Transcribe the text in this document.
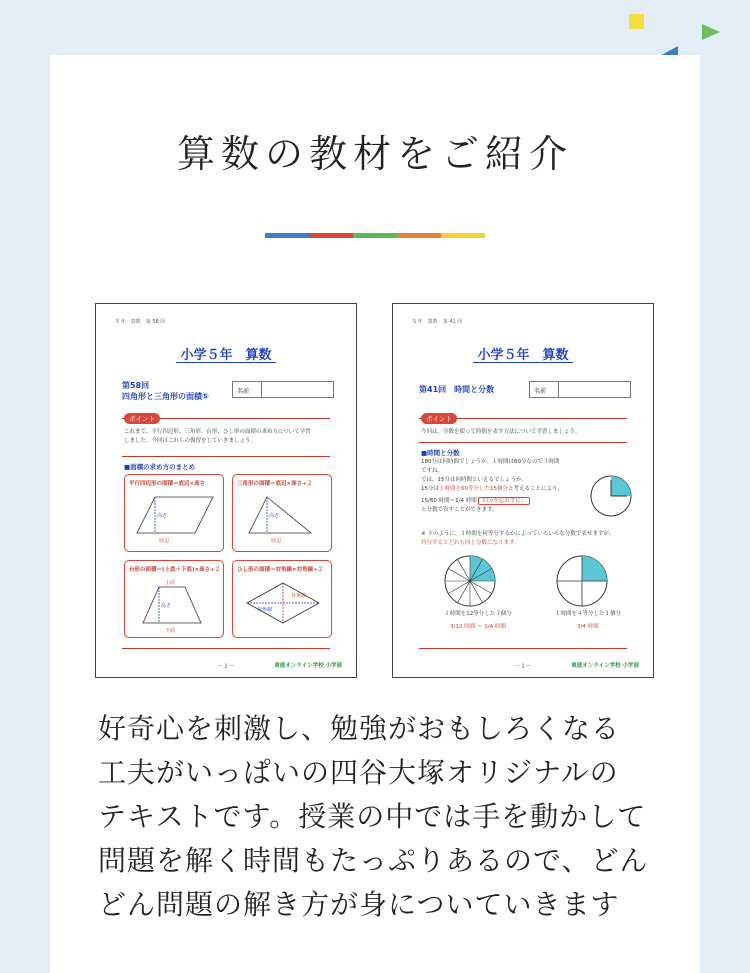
算数の教材をご紹介
5 年　算数　第 58 回
小学５年　算数
第58回
四角形と三角形の面積⑤
名前
ポイント
これまで、平行四辺形、三角形、台形、ひし形の面積の求め方について学習
しました。今回はこれらの復習をしていきましょう。
■面積の求め方のまとめ
平行四辺形の面積＝底辺×高さ
高さ
底辺
三角形の面積＝底辺×高さ÷２
高さ
底辺
台形の面積＝(上底＋下底)×高さ÷２
上底
高さ
下底
ひし形の面積＝対角線×対角線÷２
対角線
対角線
－１－	東進オンライン学校 小学部
5 年　算数　第 41 回
小学５年　算数
第41回　時間と分数	名前
ポイント
今回は、分数を使って時間を表す方法について学習しましょう。
■時間と分数
180分は何時間でしょうか。１時間は60分なので３時間ですね。
では、15分は何時間といえるでしょうか。
15分は１時間を60等分した15個分と考えることにより、
15/60 時間＝1/4 時間 約分を忘れずに！
と分数で表すことができます。
※ 下のように、１時間を何等分するかによっていろいろな分数で表せますが、
約分するとどれも同じ分数になります。
１時間を12等分した３個分
3/12 時間 ＝ 1/4 時間
１時間を４等分した１個分
1/4 時間
－１－	東進オンライン学校 小学部
好奇心を刺激し、勉強がおもしろくなる
工夫がいっぱいの四谷大塚オリジナルの
テキストです。授業の中では手を動かして
問題を解く時間もたっぷりあるので、どん
どん問題の解き方が身についていきます
